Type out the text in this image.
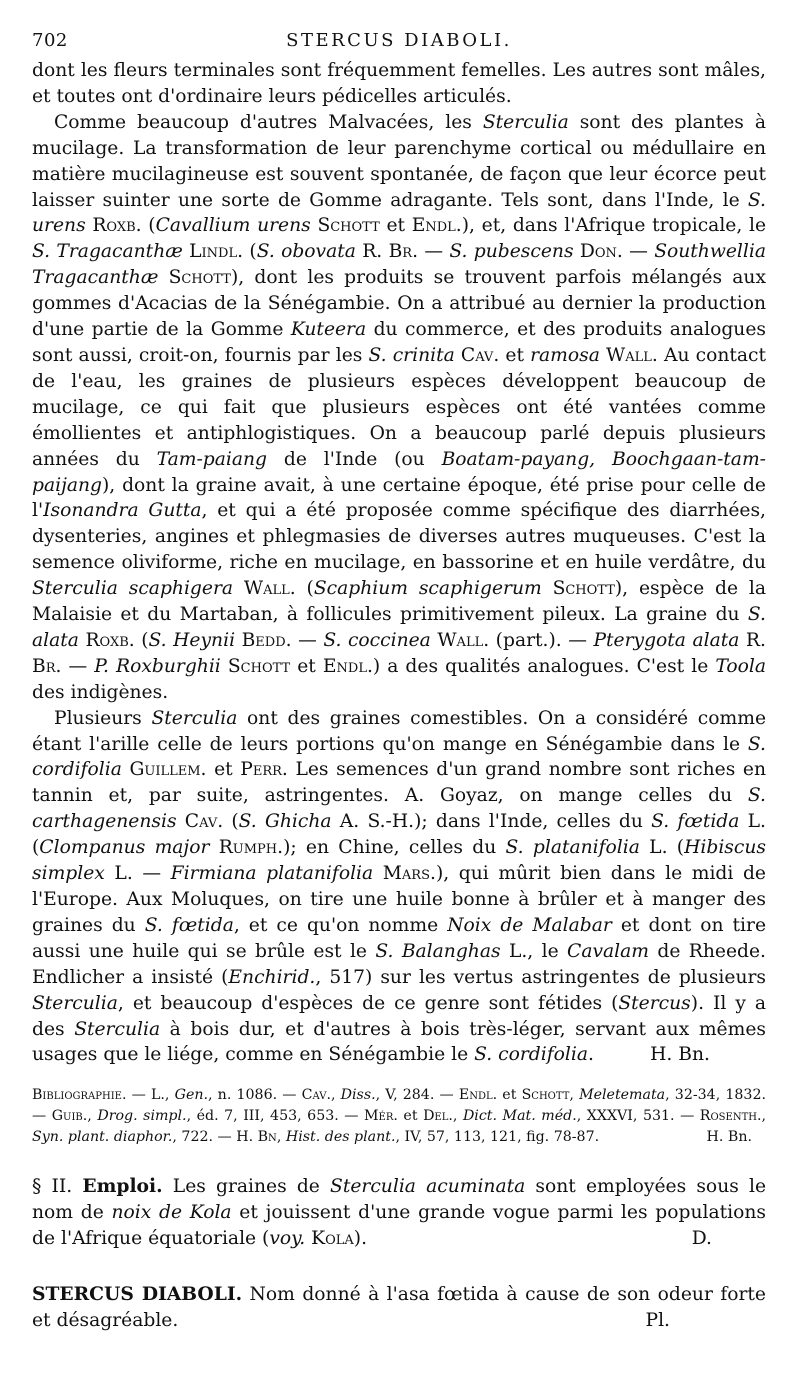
702	STERCUS DIABOLI.

dont les fleurs terminales sont fréquemment femelles. Les autres sont mâles, et toutes ont d'ordinaire leurs pédicelles articulés.

Comme beaucoup d'autres Malvacées, les Sterculia sont des plantes à mucilage. La transformation de leur parenchyme cortical ou médullaire en matière mucilagineuse est souvent spontanée, de façon que leur écorce peut laisser suinter une sorte de Gomme adragante. Tels sont, dans l'Inde, le S. urens Roxb. (Cavallium urens Schott et Endl.), et, dans l'Afrique tropicale, le S. Tragacanthæ Lindl. (S. obovata R. Br. — S. pubescens Don. — Southwellia Tragacanthæ Schott), dont les produits se trouvent parfois mélangés aux gommes d'Acacias de la Sénégambie. On a attribué au dernier la production d'une partie de la Gomme Kuteera du commerce, et des produits analogues sont aussi, croit-on, fournis par les S. crinita Cav. et ramosa Wall. Au contact de l'eau, les graines de plusieurs espèces développent beaucoup de mucilage, ce qui fait que plusieurs espèces ont été vantées comme émollientes et antiphlogistiques. On a beaucoup parlé depuis plusieurs années du Tam-paiang de l'Inde (ou Boatam-payang, Boochgaan-tam-paijang), dont la graine avait, à une certaine époque, été prise pour celle de l'Isonandra Gutta, et qui a été proposée comme spécifique des diarrhées, dysenteries, angines et phlegmasies de diverses autres muqueuses. C'est la semence oliviforme, riche en mucilage, en bassorine et en huile verdâtre, du Sterculia scaphigera Wall. (Scaphium scaphigerum Schott), espèce de la Malaisie et du Martaban, à follicules primitivement pileux. La graine du S. alata Roxb. (S. Heynii Bedd. — S. coccinea Wall. (part.). — Pterygota alata R. Br. — P. Roxburghii Schott et Endl.) a des qualités analogues. C'est le Toola des indigènes.

Plusieurs Sterculia ont des graines comestibles. On a considéré comme étant l'arille celle de leurs portions qu'on mange en Sénégambie dans le S. cordifolia Guillem. et Perr. Les semences d'un grand nombre sont riches en tannin et, par suite, astringentes. A. Goyaz, on mange celles du S. carthagenensis Cav. (S. Ghicha A. S.-H.); dans l'Inde, celles du S. fœtida L. (Clompanus major Rumph.); en Chine, celles du S. platanifolia L. (Hibiscus simplex L. — Firmiana platanifolia Mars.), qui mûrit bien dans le midi de l'Europe. Aux Moluques, on tire une huile bonne à brûler et à manger des graines du S. fœtida, et ce qu'on nomme Noix de Malabar et dont on tire aussi une huile qui se brûle est le S. Balanghas L., le Cavalam de Rheede. Endlicher a insisté (Enchirid., 517) sur les vertus astringentes de plusieurs Sterculia, et beaucoup d'espèces de ce genre sont fétides (Stercus). Il y a des Sterculia à bois dur, et d'autres à bois très-léger, servant aux mêmes usages que le liége, comme en Sénégambie le S. cordifolia.	H. Bn.

Bibliographie. — L., Gen., n. 1086. — Cav., Diss., V, 284. — Endl. et Schott, Meletemata, 32-34, 1832. — Guib., Drog. simpl., éd. 7, III, 453, 653. — Mér. et Del., Dict. Mat. méd., XXXVI, 531. — Rosenth., Syn. plant. diaphor., 722. — H. Bn, Hist. des plant., IV, 57, 113, 121, fig. 78-87.	H. Bn.
§ II. Emploi. Les graines de Sterculia acuminata sont employées sous le nom de noix de Kola et jouissent d'une grande vogue parmi les populations de l'Afrique équatoriale (voy. Kola).	D.
STERCUS DIABOLI. Nom donné à l'asa fœtida à cause de son odeur forte et désagréable.	Pl.
